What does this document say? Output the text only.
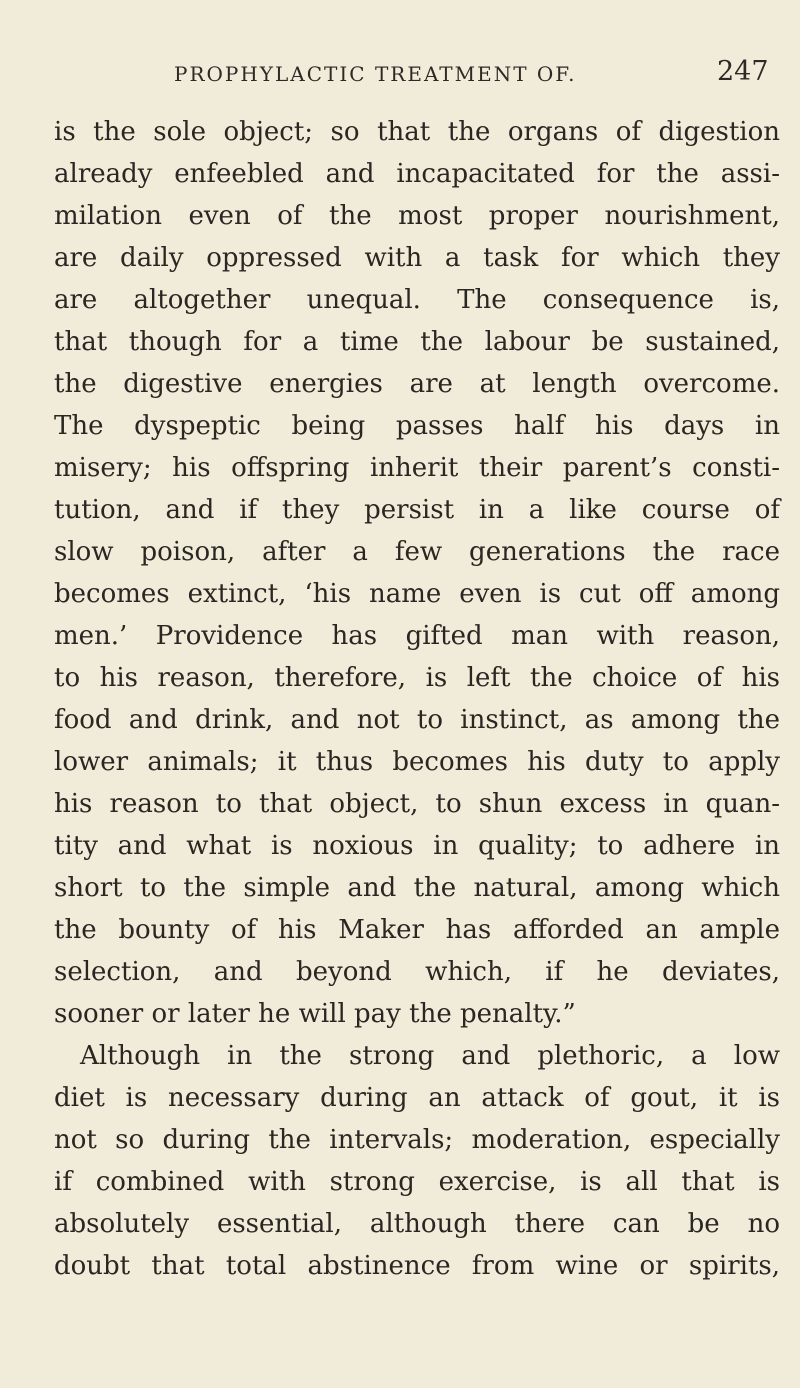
PROPHYLACTIC TREATMENT OF.	247
is the sole object; so that the organs of digestion
already enfeebled and incapacitated for the assi-
milation even of the most proper nourishment,
are daily oppressed with a task for which they
are altogether unequal. The consequence is,
that though for a time the labour be sustained,
the digestive energies are at length overcome.
The dyspeptic being passes half his days in
misery; his offspring inherit their parent’s consti-
tution, and if they persist in a like course of
slow poison, after a few generations the race
becomes extinct, ‘his name even is cut off among
men.’ Providence has gifted man with reason,
to his reason, therefore, is left the choice of his
food and drink, and not to instinct, as among the
lower animals; it thus becomes his duty to apply
his reason to that object, to shun excess in quan-
tity and what is noxious in quality; to adhere in
short to the simple and the natural, among which
the bounty of his Maker has afforded an ample
selection, and beyond which, if he deviates,
sooner or later he will pay the penalty.”
Although in the strong and plethoric, a low
diet is necessary during an attack of gout, it is
not so during the intervals; moderation, especially
if combined with strong exercise, is all that is
absolutely essential, although there can be no
doubt that total abstinence from wine or spirits,
